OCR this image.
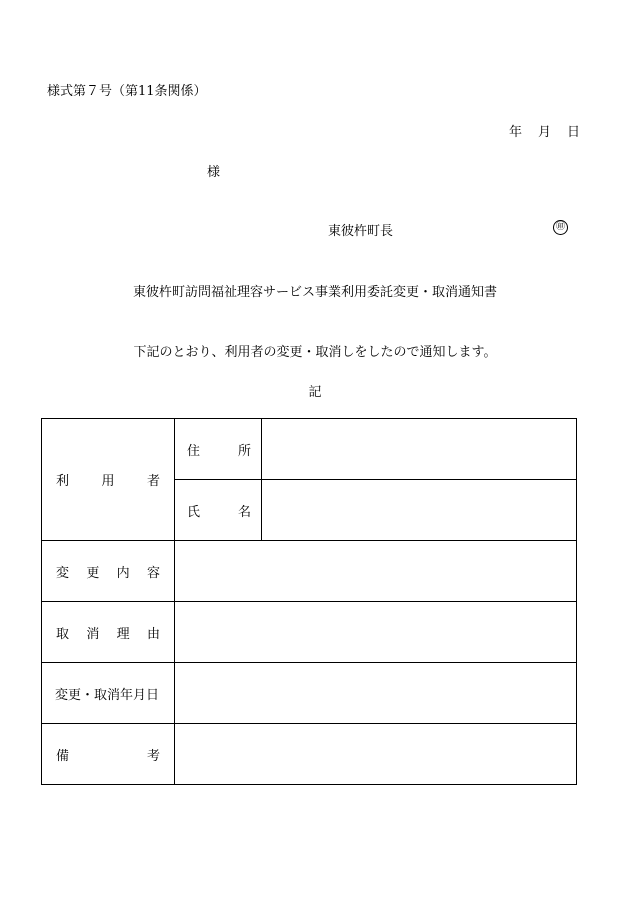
様式第７号（第11条関係）
年 月 日
様
東彼杵町長	㊞
東彼杵町訪問福祉理容サービス事業利用委託変更・取消通知書
下記のとおり、利用者の変更・取消しをしたので通知します。
記
利 用 者	住 所	

	氏 名	

変 更 内 容		

取 消 理 由		

変更・取消年月日		

備 考		
